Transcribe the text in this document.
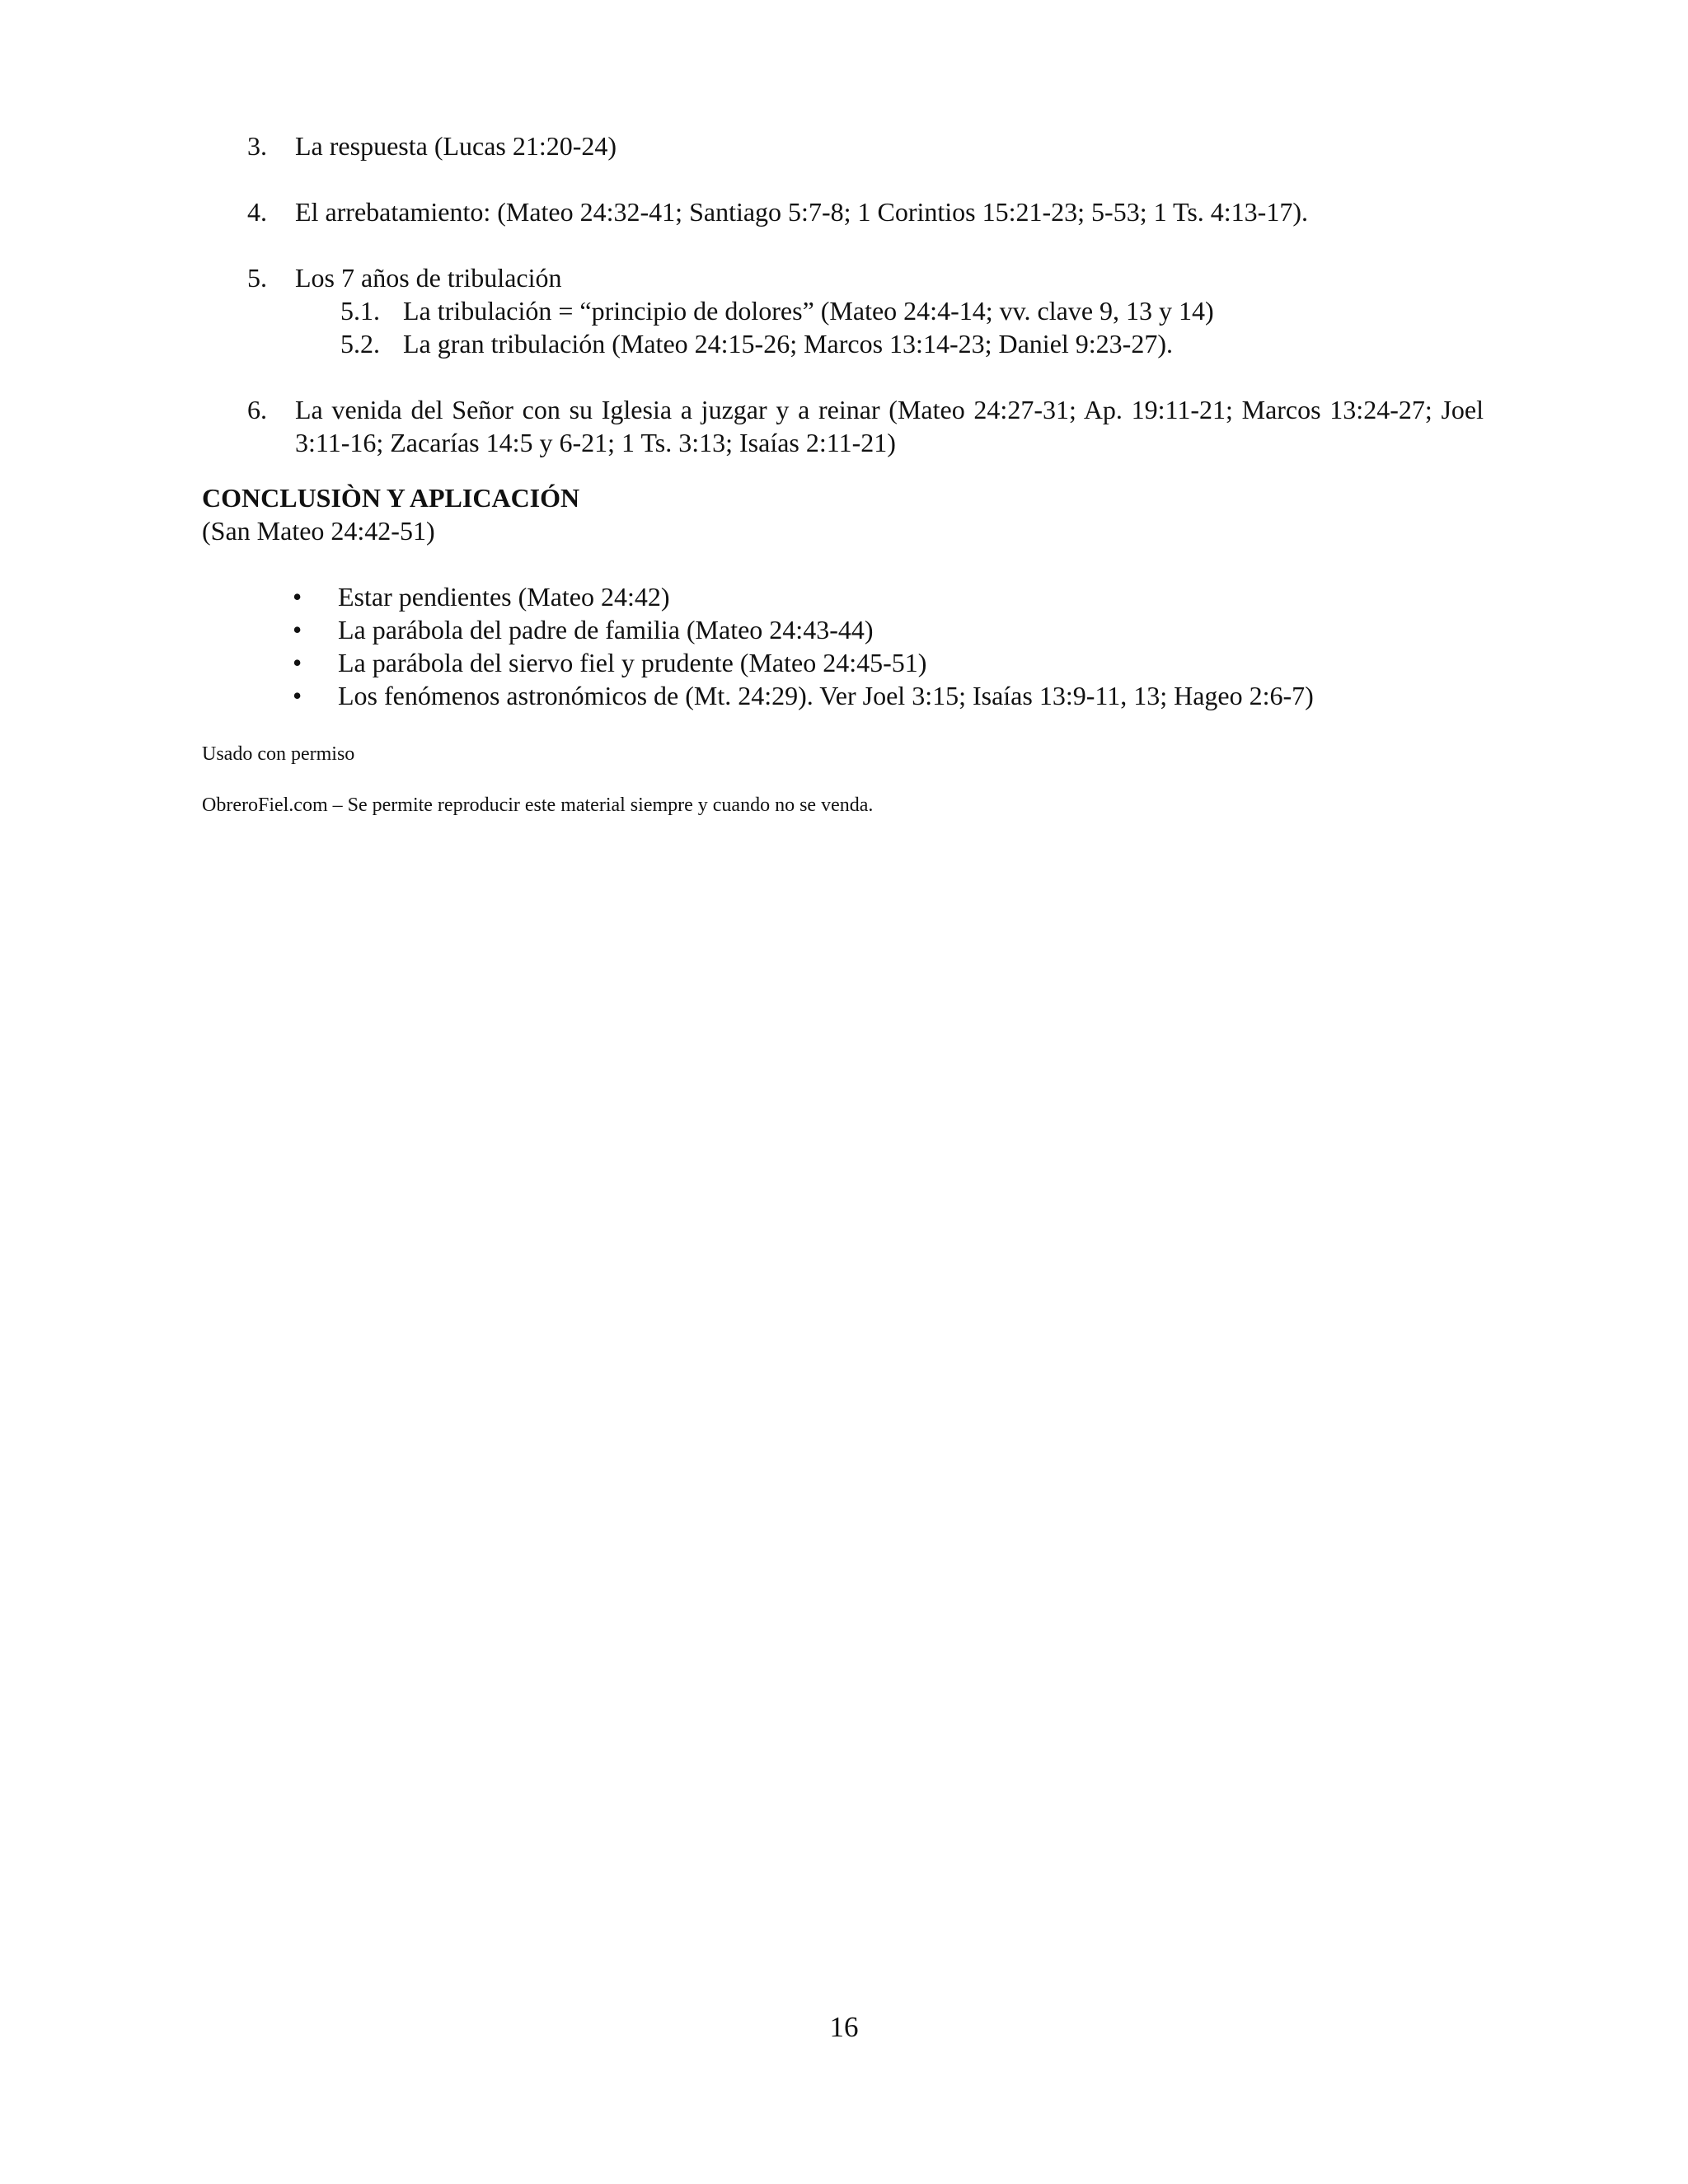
3. La respuesta (Lucas 21:20-24)
4. El arrebatamiento: (Mateo 24:32-41; Santiago 5:7-8; 1 Corintios 15:21-23; 5-53; 1 Ts. 4:13-17).
5. Los 7 años de tribulación
5.1. La tribulación = “principio de dolores” (Mateo 24:4-14; vv. clave 9, 13 y 14)
5.2. La gran tribulación (Mateo 24:15-26; Marcos 13:14-23; Daniel 9:23-27).
6. La venida del Señor con su Iglesia a juzgar y a reinar (Mateo 24:27-31; Ap. 19:11-21; Marcos 13:24-27; Joel 3:11-16; Zacarías 14:5 y 6-21; 1 Ts. 3:13; Isaías 2:11-21)
CONCLUSIÒN Y APLICACIÓN
(San Mateo 24:42-51)
• Estar pendientes (Mateo 24:42)
• La parábola del padre de familia (Mateo 24:43-44)
• La parábola del siervo fiel y prudente (Mateo 24:45-51)
• Los fenómenos astronómicos de (Mt. 24:29). Ver Joel 3:15; Isaías 13:9-11, 13; Hageo 2:6-7)
Usado con permiso
ObreroFiel.com – Se permite reproducir este material siempre y cuando no se venda.
16
